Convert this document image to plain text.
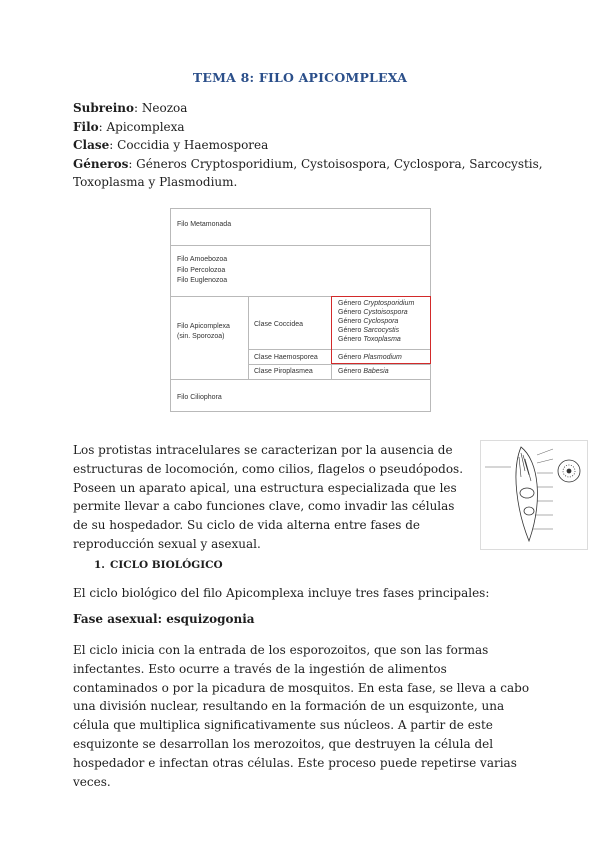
TEMA 8: FILO APICOMPLEXA
Subreino: Neozoa
Filo: Apicomplexa
Clase: Coccidia y Haemosporea
Géneros: Géneros Cryptosporidium, Cystoisospora, Cyclospora, Sarcocystis, Toxoplasma y Plasmodium.
Filo Metamonada
Filo Amoebozoa
Filo Percolozoa
Filo Euglenozoa
Filo Apicomplexa
(sin. Sporozoa)
Clase Coccidea
Clase Haemosporea
Clase Piroplasmea
Género Cryptosporidium
Género Cystoisospora
Género Cyclospora
Género Sarcocystis
Género Toxoplasma
Género Plasmodium
Género Babesia
Filo Ciliophora
Los protistas intracelulares se caracterizan por la ausencia de estructuras de locomoción, como cilios, flagelos o pseudópodos. Poseen un aparato apical, una estructura especializada que les permite llevar a cabo funciones clave, como invadir las células de su hospedador. Su ciclo de vida alterna entre fases de reproducción sexual y asexual.
1. CICLO BIOLÓGICO
El ciclo biológico del filo Apicomplexa incluye tres fases principales:
Fase asexual: esquizogonia
El ciclo inicia con la entrada de los esporozoitos, que son las formas infectantes. Esto ocurre a través de la ingestión de alimentos contaminados o por la picadura de mosquitos. En esta fase, se lleva a cabo una división nuclear, resultando en la formación de un esquizonte, una célula que multiplica significativamente sus núcleos. A partir de este esquizonte se desarrollan los merozoitos, que destruyen la célula del hospedador e infectan otras células. Este proceso puede repetirse varias veces.
